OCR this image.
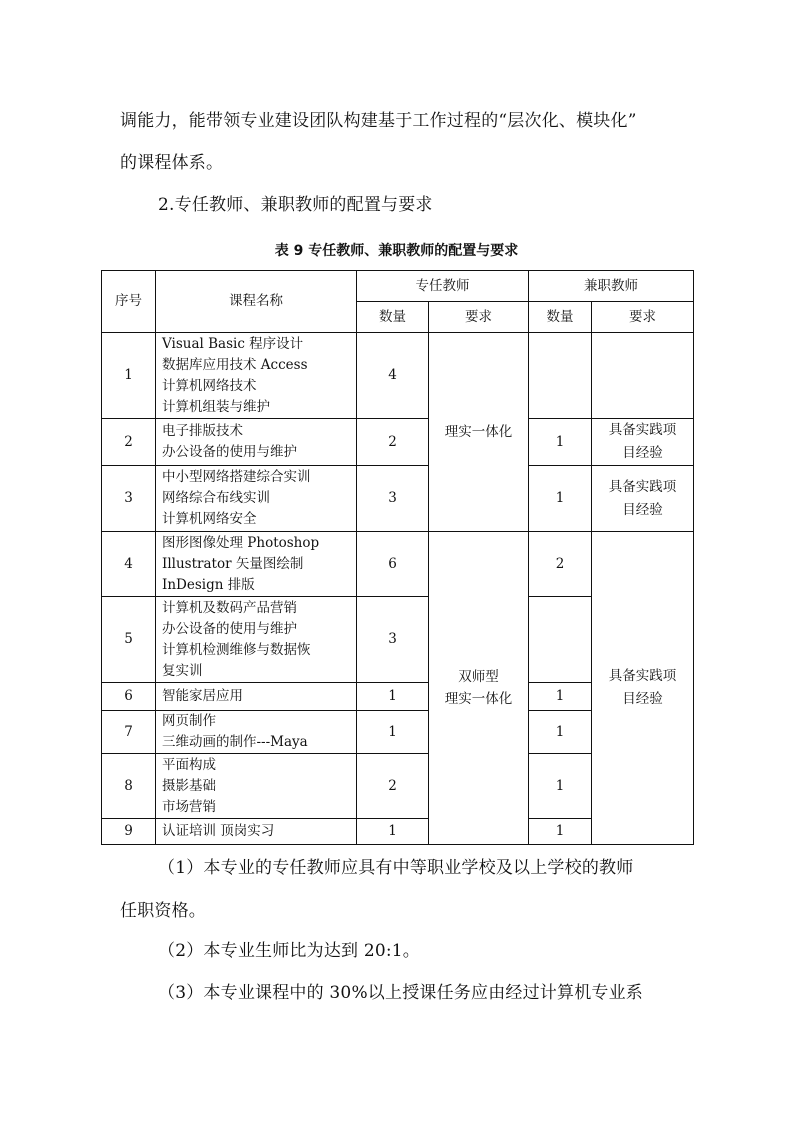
调能力，能带领专业建设团队构建基于工作过程的“层次化、模块化”
的课程体系。
2.专任教师、兼职教师的配置与要求
表 9 专任教师、兼职教师的配置与要求
序号	课程名称	专任教师		兼职教师	
		数量	要求	数量	要求
1	Visual Basic 程序设计
数据库应用技术 Access
计算机网络技术
计算机组装与维护	4	理实一体化		
2	电子排版技术
办公设备的使用与维护	2		1	具备实践项
目经验
3	中小型网络搭建综合实训
网络综合布线实训
计算机网络安全	3		1	具备实践项
目经验
4	图形图像处理 Photoshop
Illustrator 矢量图绘制
InDesign 排版	6	双师型
理实一体化	2	具备实践项
目经验
5	计算机及数码产品营销
办公设备的使用与维护
计算机检测维修与数据恢
复实训	3			
6	智能家居应用	1		1	
7	网页制作
三维动画的制作---Maya	1		1	
8	平面构成
摄影基础
市场营销	2		1	
9	认证培训 顶岗实习	1		1	
（1）本专业的专任教师应具有中等职业学校及以上学校的教师
任职资格。
（2）本专业生师比为达到 20:1。
（3）本专业课程中的 30%以上授课任务应由经过计算机专业系
